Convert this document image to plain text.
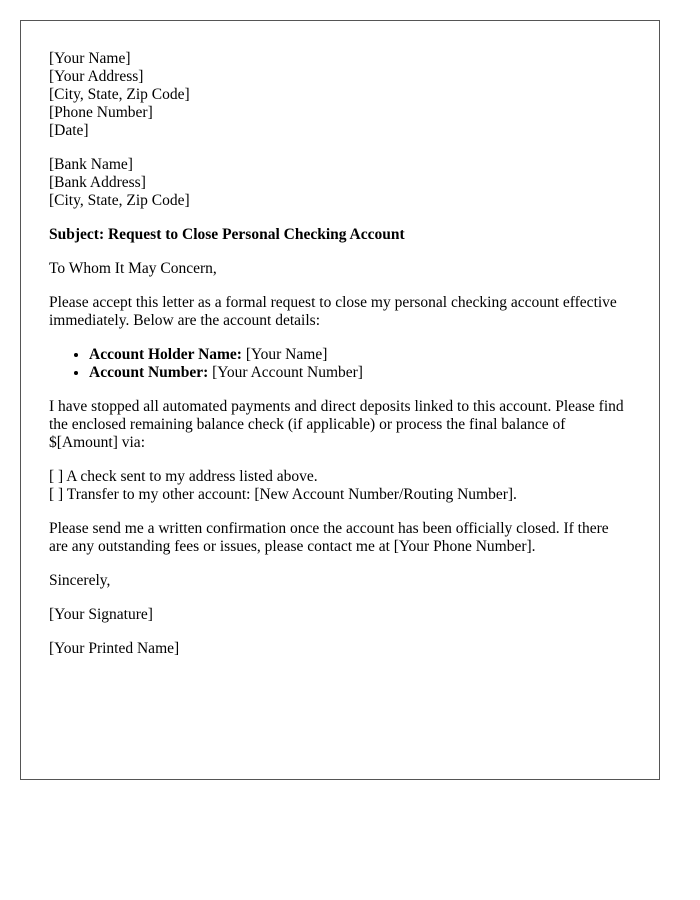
[Your Name]
[Your Address]
[City, State, Zip Code]
[Phone Number]
[Date]
[Bank Name]
[Bank Address]
[City, State, Zip Code]

Subject: Request to Close Personal Checking Account

To Whom It May Concern,

Please accept this letter as a formal request to close my personal checking account effective immediately. Below are the account details:

• Account Holder Name: [Your Name]
• Account Number: [Your Account Number]

I have stopped all automated payments and direct deposits linked to this account. Please find the enclosed remaining balance check (if applicable) or process the final balance of $[Amount] via:

[ ] A check sent to my address listed above.
[ ] Transfer to my other account: [New Account Number/Routing Number].

Please send me a written confirmation once the account has been officially closed. If there are any outstanding fees or issues, please contact me at [Your Phone Number].

Sincerely,

[Your Signature]

[Your Printed Name]
